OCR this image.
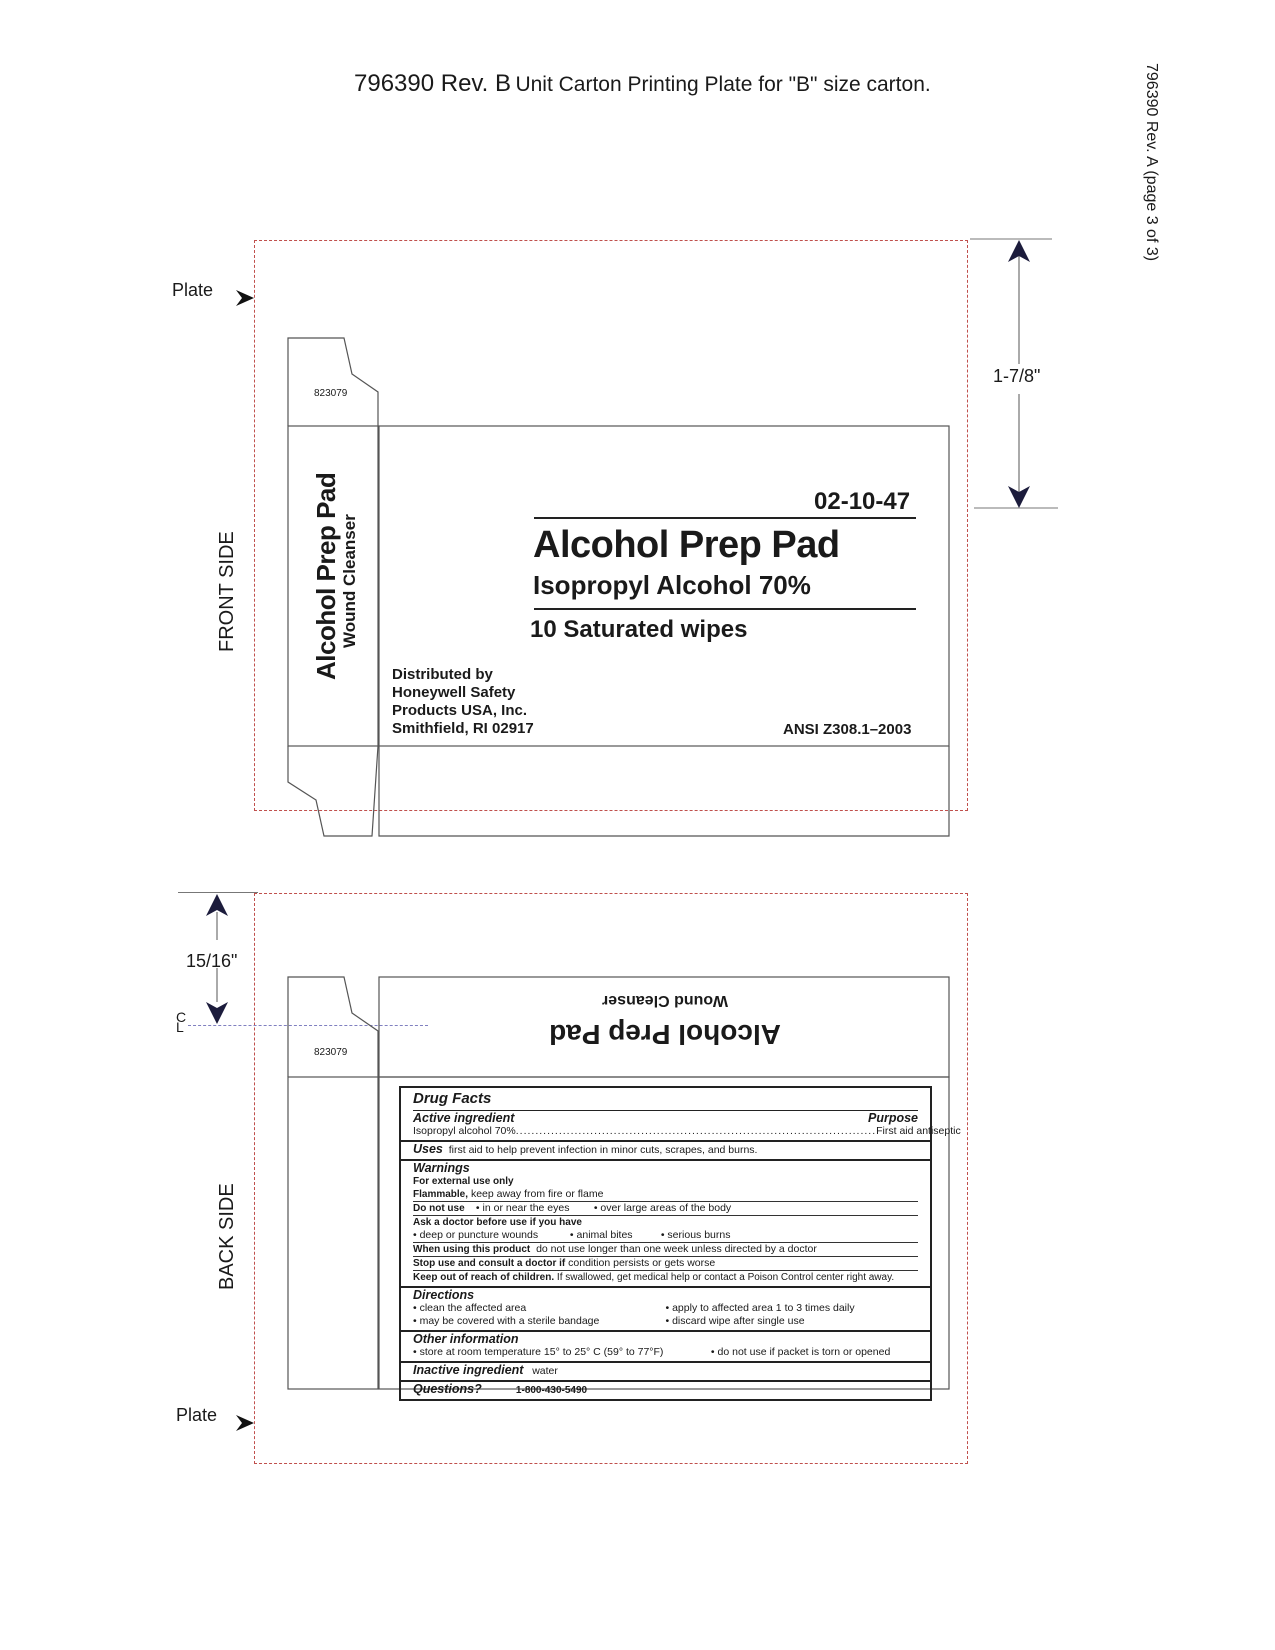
796390 Rev. B Unit Carton Printing Plate for "B" size carton.	796390 Rev. A (page 3 of 3)
Plate
FRONT SIDE
1-7/8"
823079
Alcohol Prep Pad Wound Cleanser
02-10-47
Alcohol Prep Pad
Isopropyl Alcohol 70%
10 Saturated wipes
Distributed by
Honeywell Safety
Products USA, Inc.
Smithfield, RI 02917	ANSI Z308.1–2003
15/16"
C L
BACK SIDE
Plate
823079
Alcohol Prep Pad
Wound Cleanser
Drug Facts
Active ingredient	Purpose
Isopropyl alcohol 70% ............................................................................................ First aid antiseptic
Uses first aid to help prevent infection in minor cuts, scrapes, and burns.
Warnings
For external use only
Flammable, keep away from fire or flame
Do not use • in or near the eyes • over large areas of the body
Ask a doctor before use if you have
• deep or puncture wounds	• animal bites	• serious burns
When using this product do not use longer than one week unless directed by a doctor
Stop use and consult a doctor if condition persists or gets worse
Keep out of reach of children. If swallowed, get medical help or contact a Poison Control center right away.
Directions
• clean the affected area	• apply to affected area 1 to 3 times daily
• may be covered with a sterile bandage	• discard wipe after single use
Other information
• store at room temperature 15° to 25° C (59° to 77°F)	• do not use if packet is torn or opened
Inactive ingredient water
Questions?	1-800-430-5490
